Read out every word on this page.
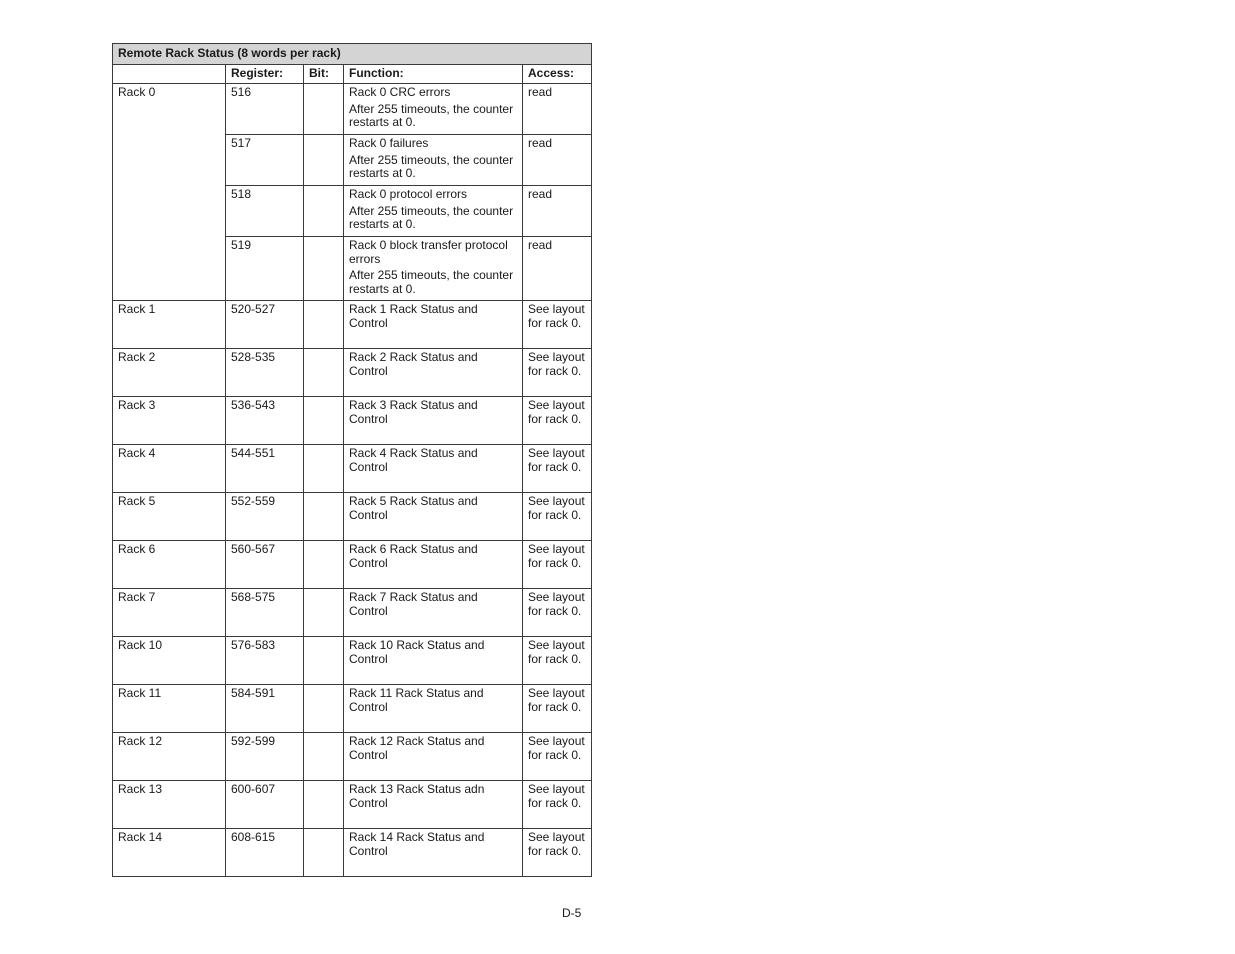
Remote Rack Status (8 words per rack)				
	Register:	Bit:	Function:	Access:
Rack 0	516		Rack 0 CRC errors
After 255 timeouts, the counter restarts at 0.	read
	517		Rack 0 failures
After 255 timeouts, the counter restarts at 0.	read
	518		Rack 0 protocol errors
After 255 timeouts, the counter restarts at 0.	read
	519		Rack 0 block transfer protocol errors
After 255 timeouts, the counter restarts at 0.	read
Rack 1	520-527		Rack 1 Rack Status and Control	See layout for rack 0.
Rack 2	528-535		Rack 2 Rack Status and Control	See layout for rack 0.
Rack 3	536-543		Rack 3 Rack Status and Control	See layout for rack 0.
Rack 4	544-551		Rack 4 Rack Status and Control	See layout for rack 0.
Rack 5	552-559		Rack 5 Rack Status and Control	See layout for rack 0.
Rack 6	560-567		Rack 6 Rack Status and Control	See layout for rack 0.
Rack 7	568-575		Rack 7 Rack Status and Control	See layout for rack 0.
Rack 10	576-583		Rack 10 Rack Status and Control	See layout for rack 0.
Rack 11	584-591		Rack 11 Rack Status and Control	See layout for rack 0.
Rack 12	592-599		Rack 12 Rack Status and Control	See layout for rack 0.
Rack 13	600-607		Rack 13 Rack Status adn Control	See layout for rack 0.
Rack 14	608-615		Rack 14 Rack Status and Control	See layout for rack 0.
D-5
